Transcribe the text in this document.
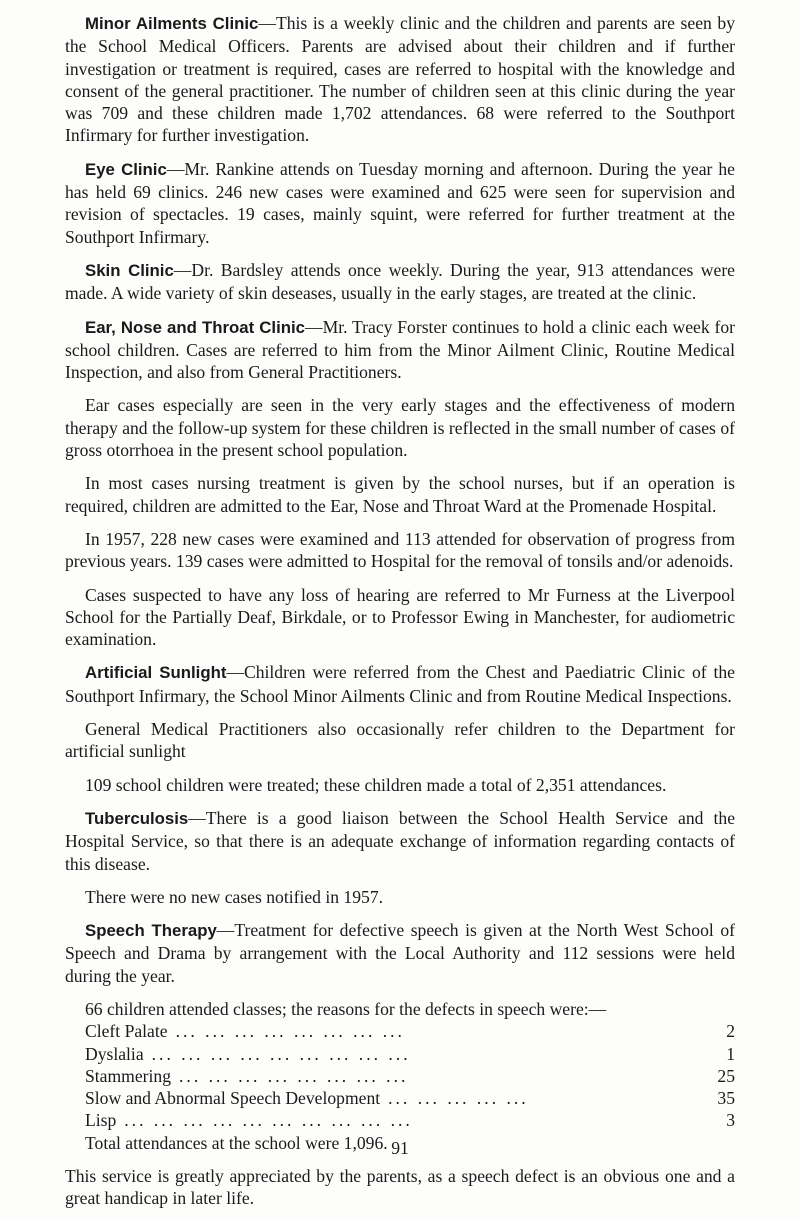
Minor Ailments Clinic—This is a weekly clinic and the children and parents are seen by the School Medical Officers. Parents are advised about their children and if further investigation or treatment is required, cases are referred to hospital with the knowledge and consent of the general practitioner. The number of children seen at this clinic during the year was 709 and these children made 1,702 attendances. 68 were referred to the Southport Infirmary for further investigation.

Eye Clinic—Mr. Rankine attends on Tuesday morning and afternoon. During the year he has held 69 clinics. 246 new cases were examined and 625 were seen for supervision and revision of spectacles. 19 cases, mainly squint, were referred for further treatment at the Southport Infirmary.

Skin Clinic—Dr. Bardsley attends once weekly. During the year, 913 attendances were made. A wide variety of skin deseases, usually in the early stages, are treated at the clinic.

Ear, Nose and Throat Clinic—Mr. Tracy Forster continues to hold a clinic each week for school children. Cases are referred to him from the Minor Ailment Clinic, Routine Medical Inspection, and also from General Practitioners.

Ear cases especially are seen in the very early stages and the effectiveness of modern therapy and the follow-up system for these children is reflected in the small number of cases of gross otorrhoea in the present school population.

In most cases nursing treatment is given by the school nurses, but if an operation is required, children are admitted to the Ear, Nose and Throat Ward at the Promenade Hospital.

In 1957, 228 new cases were examined and 113 attended for observation of progress from previous years. 139 cases were admitted to Hospital for the removal of tonsils and/or adenoids.

Cases suspected to have any loss of hearing are referred to Mr Furness at the Liverpool School for the Partially Deaf, Birkdale, or to Professor Ewing in Manchester, for audiometric examination.

Artificial Sunlight—Children were referred from the Chest and Paediatric Clinic of the Southport Infirmary, the School Minor Ailments Clinic and from Routine Medical Inspections.

General Medical Practitioners also occasionally refer children to the Department for artificial sunlight

109 school children were treated; these children made a total of 2,351 attendances.

Tuberculosis—There is a good liaison between the School Health Service and the Hospital Service, so that there is an adequate exchange of information regarding contacts of this disease.

There were no new cases notified in 1957.

Speech Therapy—Treatment for defective speech is given at the North West School of Speech and Drama by arrangement with the Local Authority and 112 sessions were held during the year.

66 children attended classes; the reasons for the defects in speech were:—

Cleft Palate ... ... ... ... ... ... ... ...	2
Dyslalia ... ... ... ... ... ... ... ... ...	1
Stammering ... ... ... ... ... ... ... ...	25
Slow and Abnormal Speech Development ... ... ... ... ...	35
Lisp ... ... ... ... ... ... ... ... ... ...	3

Total attendances at the school were 1,096.

This service is greatly appreciated by the parents, as a speech defect is an obvious one and a great handicap in later life.

91
